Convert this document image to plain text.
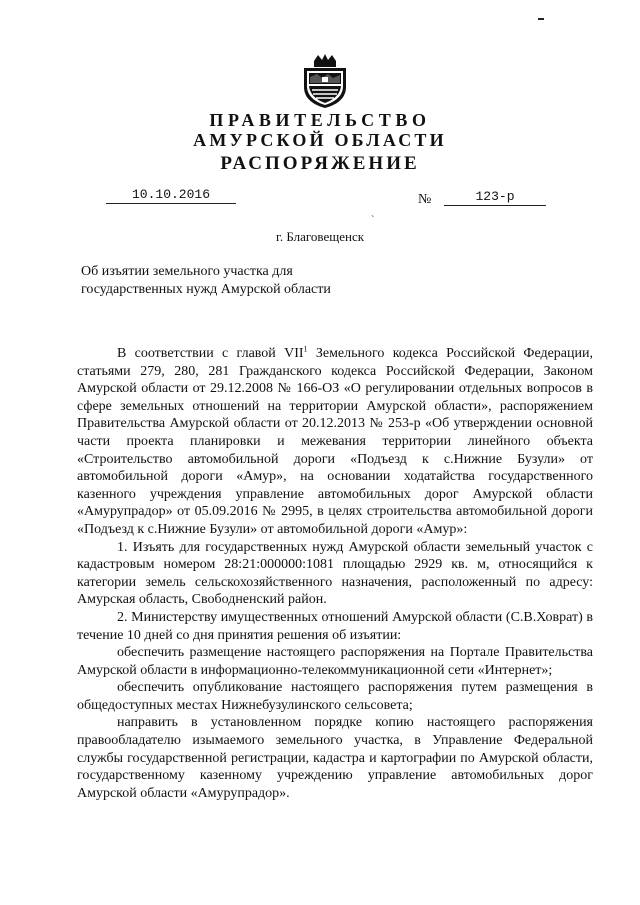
ПРАВИТЕЛЬСТВО
АМУРСКОЙ ОБЛАСТИ
РАСПОРЯЖЕНИЕ
10.10.2016	№	123-р
˴
г. Благовещенск
Об изъятии земельного участка для государственных нужд Амурской области

В соответствии с главой VII$^1$ Земельного кодекса Российской Федерации, статьями 279, 280, 281 Гражданского кодекса Российской Федерации, Законом Амурской области от 29.12.2008 № 166-ОЗ «О регулировании отдельных вопросов в сфере земельных отношений на территории Амурской области», распоряжением Правительства Амурской области от 20.12.2013 № 253-р «Об утверждении основной части проекта планировки и межевания территории линейного объекта «Строительство автомобильной дороги «Подъезд к с.Нижние Бузули» от автомобильной дороги «Амур», на основании ходатайства государственного казенного учреждения управление автомобильных дорог Амурской области «Амурупрадор» от 05.09.2016 № 2995, в целях строительства автомобильной дороги «Подъезд к с.Нижние Бузули» от автомобильной дороги «Амур»:

1. Изъять для государственных нужд Амурской области земельный участок с кадастровым номером 28:21:000000:1081 площадью 2929 кв. м, относящийся к категории земель сельскохозяйственного назначения, расположенный по адресу: Амурская область, Свободненский район.

2. Министерству имущественных отношений Амурской области (С.В.Ховрат) в течение 10 дней со дня принятия решения об изъятии:

обеспечить размещение настоящего распоряжения на Портале Правительства Амурской области в информационно-телекоммуникационной сети «Интернет»;

обеспечить опубликование настоящего распоряжения путем размещения в общедоступных местах Нижнебузулинского сельсовета;

направить в установленном порядке копию настоящего распоряжения правообладателю изымаемого земельного участка, в Управление Федеральной службы государственной регистрации, кадастра и картографии по Амурской области, государственному казенному учреждению управление автомобильных дорог Амурской области «Амурупрадор».
